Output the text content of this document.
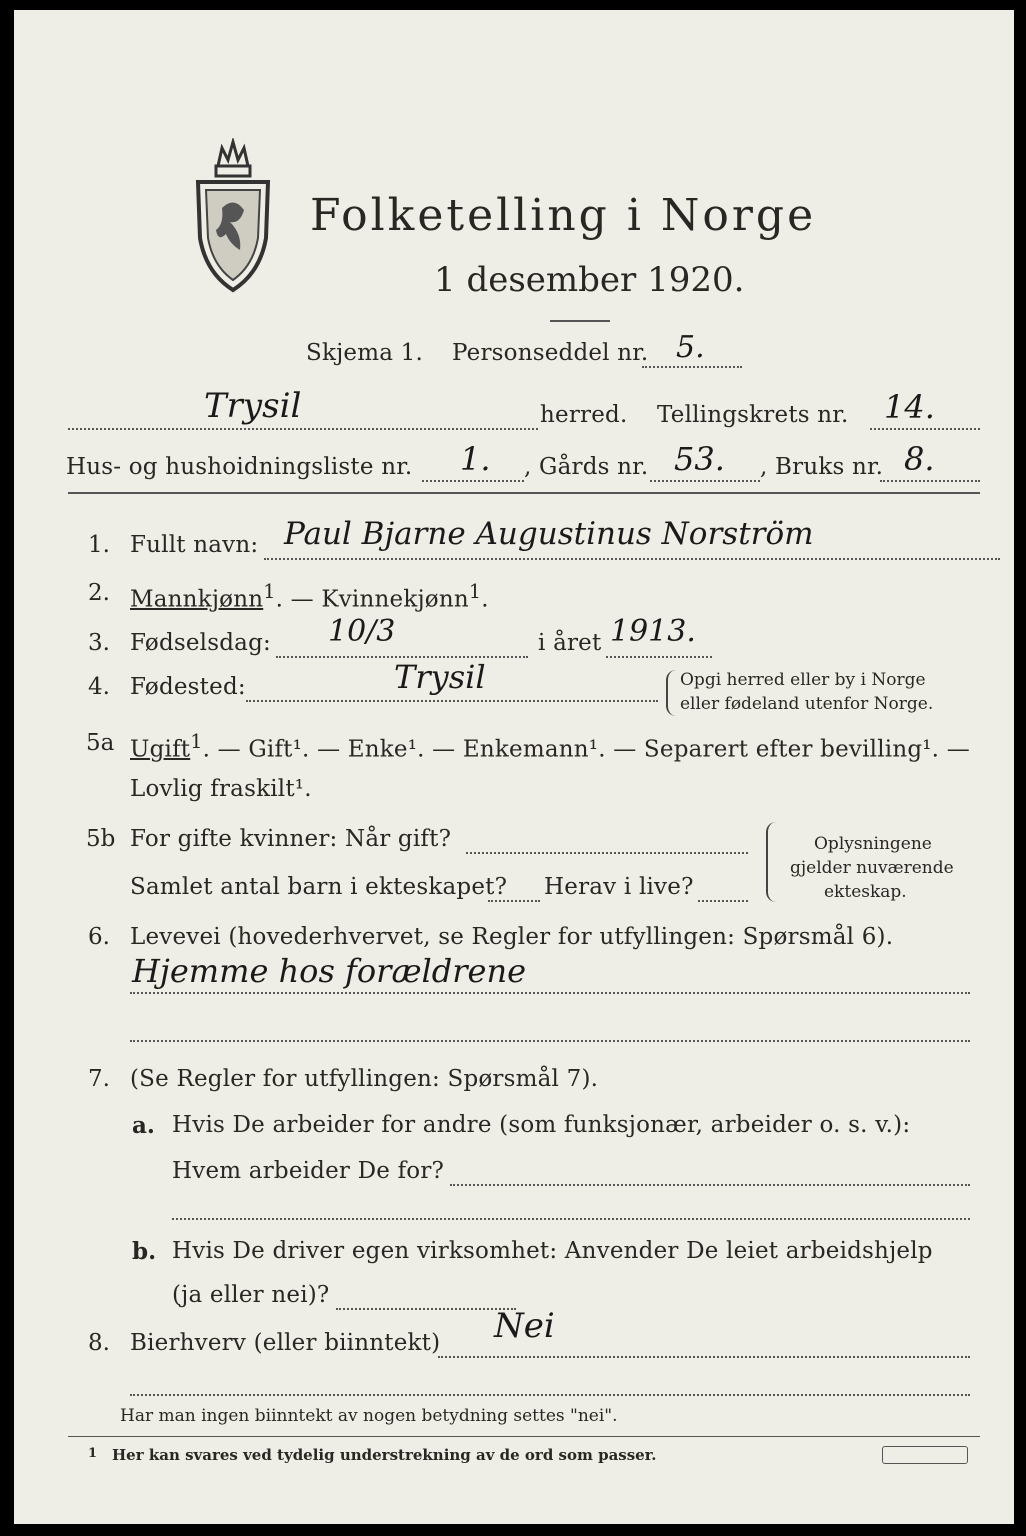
Folketelling i Norge
1 desember 1920.
Skjema 1. Personseddel nr. 5.
Trysil	herred. Tellingskrets nr. 14.
Hus- og hushoidningsliste nr. 1. , Gårds nr. 53. , Bruks nr. 8.
1. Fullt navn: Paul Bjarne Augustinus Norström
2. Mannkjønn$^1$. — Kvinnekjønn$^1$.
3. Fødselsdag: 10/3	i året 1913.
4. Fødested:	Trysil	Opgi herred eller by i Norge
eller fødeland utenfor Norge.
5a Ugift$^1$. — Gift¹. — Enke¹. — Enkemann¹. — Separert efter bevilling¹. —
Lovlig fraskilt¹.
5b For gifte kvinner: Når gift?
Samlet antal barn i ekteskapet? Herav i live?
Oplysningene
gjelder nuværende
ekteskap.
6. Levevei (hovederhvervet, se Regler for utfyllingen: Spørsmål 6).
Hjemme hos forældrene
7. (Se Regler for utfyllingen: Spørsmål 7).
a. Hvis De arbeider for andre (som funksjonær, arbeider o. s. v.):
Hvem arbeider De for?
b. Hvis De driver egen virksomhet: Anvender De leiet arbeidshjelp
(ja eller nei)?
8. Bierhverv (eller biinntekt) Nei
Har man ingen biinntekt av nogen betydning settes "nei".
1 Her kan svares ved tydelig understrekning av de ord som passer.
